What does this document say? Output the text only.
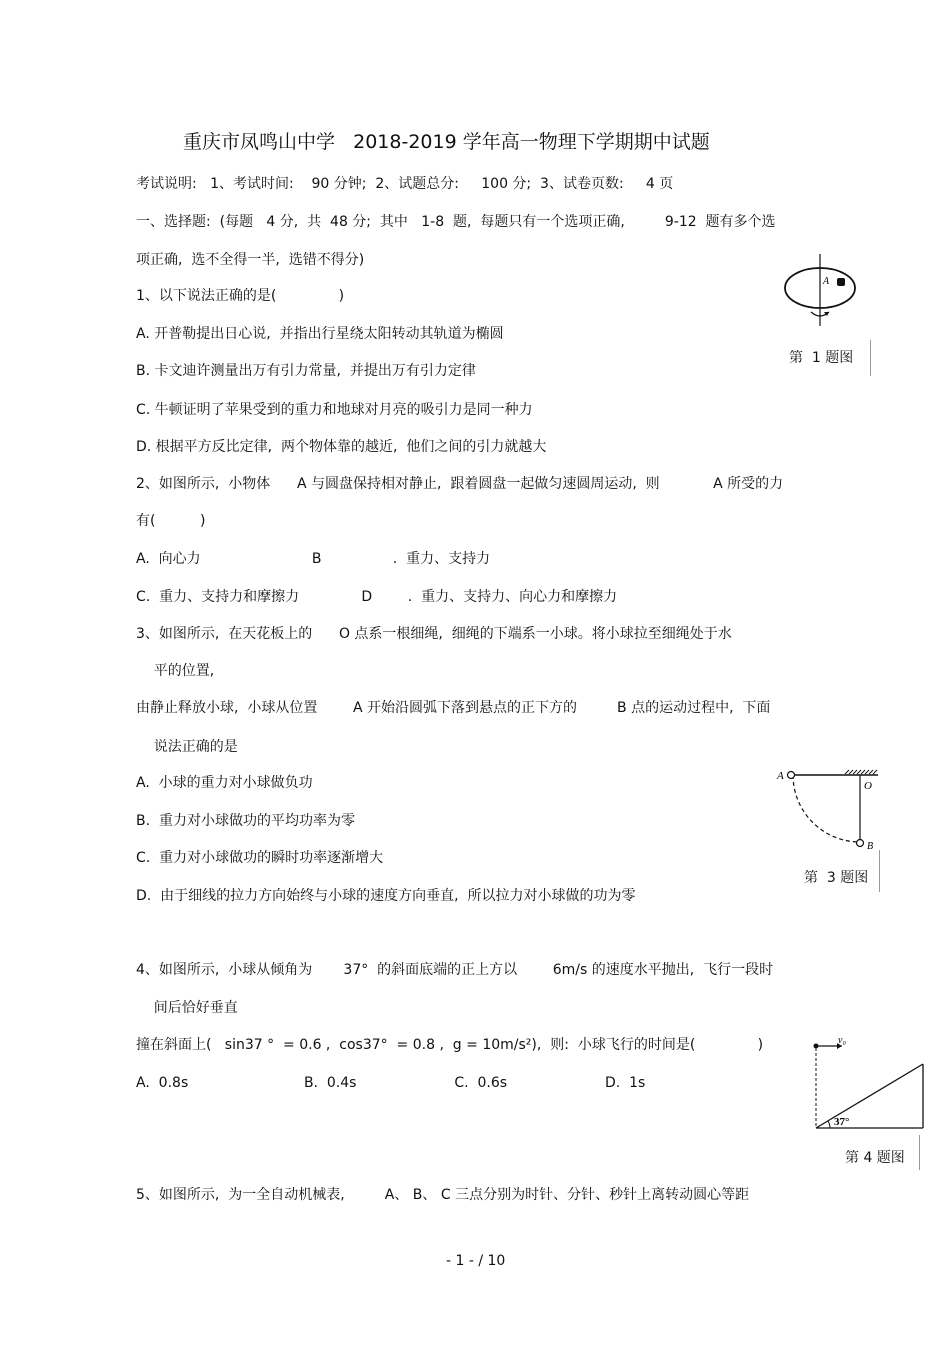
重庆市凤鸣山中学   2018-2019 学年高一物理下学期期中试题
考试说明:   1、考试时间:    90 分钟;  2、试题总分:     100 分;  3、试卷页数:     4 页
一、选择题:  (每题   4 分,  共  48 分;  其中   1-8  题,  每题只有一个选项正确,         9-12  题有多个选
项正确,  选不全得一半,  选错不得分)
1、以下说法正确的是(              )
A. 开普勒提出日心说,  并指出行星绕太阳转动其轨道为椭圆
B. 卡文迪许测量出万有引力常量,  并提出万有引力定律
C. 牛顿证明了苹果受到的重力和地球对月亮的吸引力是同一种力
D. 根据平方反比定律,  两个物体靠的越近,  他们之间的引力就越大
2、如图所示,  小物体      A 与圆盘保持相对静止,  跟着圆盘一起做匀速圆周运动,  则            A 所受的力
有(          )
A.  向心力                         B                .  重力、支持力
C.  重力、支持力和摩擦力              D        .  重力、支持力、向心力和摩擦力
3、如图所示,  在天花板上的      O 点系一根细绳,  细绳的下端系一小球。将小球拉至细绳处于水
平的位置,
由静止释放小球,  小球从位置        A 开始沿圆弧下落到悬点的正下方的         B 点的运动过程中,  下面
说法正确的是
A.  小球的重力对小球做负功
B.  重力对小球做功的平均功率为零
C.  重力对小球做功的瞬时功率逐渐增大
D.  由于细线的拉力方向始终与小球的速度方向垂直,  所以拉力对小球做的功为零
4、如图所示,  小球从倾角为       37°  的斜面底端的正上方以        6m/s 的速度水平抛出,  飞行一段时
间后恰好垂直
撞在斜面上(   sin37 °  = 0.6 ,  cos37°  = 0.8 ,  g = 10m/s²),  则:  小球飞行的时间是(              )
A.  0.8s                          B.  0.4s                      C.  0.6s                      D.  1s
5、如图所示,  为一全自动机械表,         A、 B、 C 三点分别为时针、分针、秒针上离转动圆心等距
A
第  1 题图
A
O
B
第  3 题图
v₀
37°
第 4 题图
- 1 - / 10
